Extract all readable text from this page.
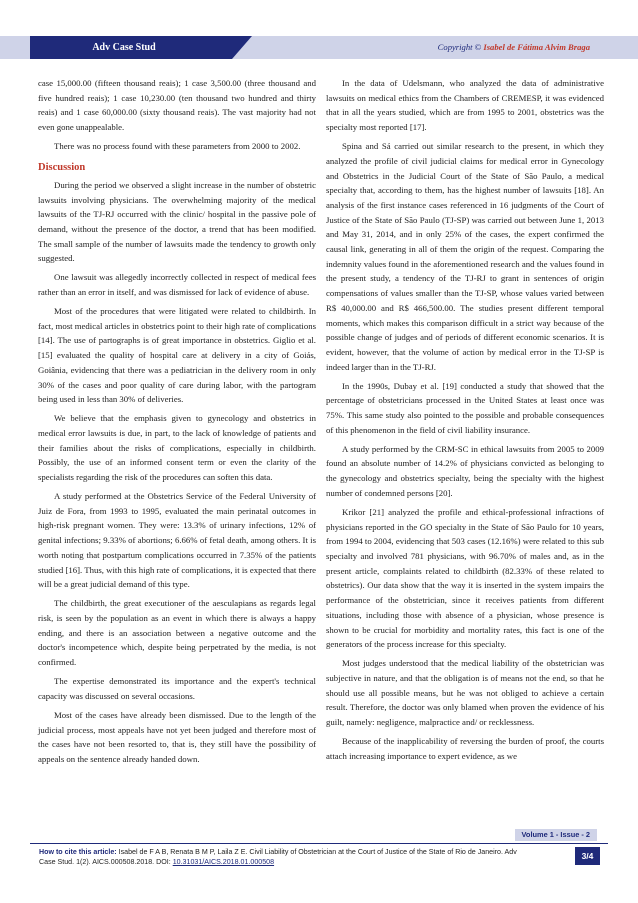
Adv Case Stud	Copyright © Isabel de Fátima Alvim Braga

case 15,000.00 (fifteen thousand reais); 1 case 3,500.00 (three thousand and five hundred reais); 1 case 10,230.00 (ten thousand two hundred and thirty reais) and 1 case 60,000.00 (sixty thousand reais). The vast majority had not even gone unappealable.

There was no process found with these parameters from 2000 to 2002.

Discussion

During the period we observed a slight increase in the number of obstetric lawsuits involving physicians. The overwhelming majority of the medical lawsuits of the TJ-RJ occurred with the clinic/ hospital in the passive pole of demand, without the presence of the doctor, a trend that has been modified. The small sample of the number of lawsuits made the tendency to growth only suggested.

One lawsuit was allegedly incorrectly collected in respect of medical fees rather than an error in itself, and was dismissed for lack of evidence of abuse.

Most of the procedures that were litigated were related to childbirth. In fact, most medical articles in obstetrics point to their high rate of complications [14]. The use of partographs is of great importance in obstetrics. Giglio et al. [15] evaluated the quality of hospital care at delivery in a city of Goiás, Goiânia, evidencing that there was a pediatrician in the delivery room in only 30% of the cases and poor quality of care during labor, with the partogram being used in less than 30% of deliveries.

We believe that the emphasis given to gynecology and obstetrics in medical error lawsuits is due, in part, to the lack of knowledge of patients and their families about the risks of complications, especially in childbirth. Possibly, the use of an informed consent term or even the clarity of the specialists regarding the risk of the procedures can soften this data.

A study performed at the Obstetrics Service of the Federal University of Juiz de Fora, from 1993 to 1995, evaluated the main perinatal outcomes in high-risk pregnant women. They were: 13.3% of urinary infections, 12% of genital infections; 9.33% of abortions; 6.66% of fetal death, among others. It is worth noting that postpartum complications occurred in 7.35% of the patients studied [16]. Thus, with this high rate of complications, it is expected that there will be a great judicial demand of this type.

The childbirth, the great executioner of the aesculapians as regards legal risk, is seen by the population as an event in which there is always a happy ending, and there is an association between a negative outcome and the doctor's incompetence which, despite being perpetrated by the media, is not confirmed.

The expertise demonstrated its importance and the expert's technical capacity was discussed on several occasions.

Most of the cases have already been dismissed. Due to the length of the judicial process, most appeals have not yet been judged and therefore most of the cases have not been resorted to, that is, they still have the possibility of appeals on the sentence already handed down.

In the data of Udelsmann, who analyzed the data of administrative lawsuits on medical ethics from the Chambers of CREMESP, it was evidenced that in all the years studied, which are from 1995 to 2001, obstetrics was the specialty most reported [17].

Spina and Sá carried out similar research to the present, in which they analyzed the profile of civil judicial claims for medical error in Gynecology and Obstetrics in the Judicial Court of the State of São Paulo, a medical specialty that, according to them, has the highest number of lawsuits [18]. An analysis of the first instance cases referenced in 16 judgments of the Court of Justice of the State of São Paulo (TJ-SP) was carried out between June 1, 2013 and May 31, 2014, and in only 25% of the cases, the expert confirmed the causal link, generating in all of them the origin of the request. Comparing the indemnity values found in the aforementioned research and the values found in the present study, a tendency of the TJ-RJ to grant in sentences of origin compensations of values smaller than the TJ-SP, whose values varied between R$ 40,000.00 and R$ 466,500.00. The studies present different temporal moments, which makes this comparison difficult in a strict way because of the possible change of judges and of periods of different economic scenarios. It is evident, however, that the volume of action by medical error in the TJ-SP is indeed larger than in the TJ-RJ.

In the 1990s, Dubay et al. [19] conducted a study that showed that the percentage of obstetricians processed in the United States at least once was 75%. This same study also pointed to the possible and probable consequences of this phenomenon in the field of civil liability insurance.

A study performed by the CRM-SC in ethical lawsuits from 2005 to 2009 found an absolute number of 14.2% of physicians convicted as belonging to the gynecology and obstetrics specialty, being the specialty with the highest number of condemned persons [20].

Krikor [21] analyzed the profile and ethical-professional infractions of physicians reported in the GO specialty in the State of São Paulo for 10 years, from 1994 to 2004, evidencing that 503 cases (12.16%) were related to this sub specialty and involved 781 physicians, with 96.70% of males and, as in the present article, complaints related to childbirth (82.33% of these related to obstetrics). Our data show that the way it is inserted in the system impairs the performance of the obstetrician, since it receives patients from different situations, including those with absence of a physician, whose presence is shown to be crucial for morbidity and mortality rates, this fact is one of the generators of the process increase for this specialty.

Most judges understood that the medical liability of the obstetrician was subjective in nature, and that the obligation is of means not the end, so that he should use all possible means, but he was not obliged to achieve a certain result. Therefore, the doctor was only blamed when proven the evidence of his guilt, namely: negligence, malpractice and/ or recklessness.

Because of the inapplicability of reversing the burden of proof, the courts attach increasing importance to expert evidence, as we

Volume 1 - Issue - 2
How to cite this article: Isabel de F A B, Renata B M P, Laila Z E. Civil Liability of Obstetrician at the Court of Justice of the State of Rio de Janeiro. Adv Case Stud. 1(2). AICS.000508.2018. DOI: 10.31031/AICS.2018.01.000508
3/4
